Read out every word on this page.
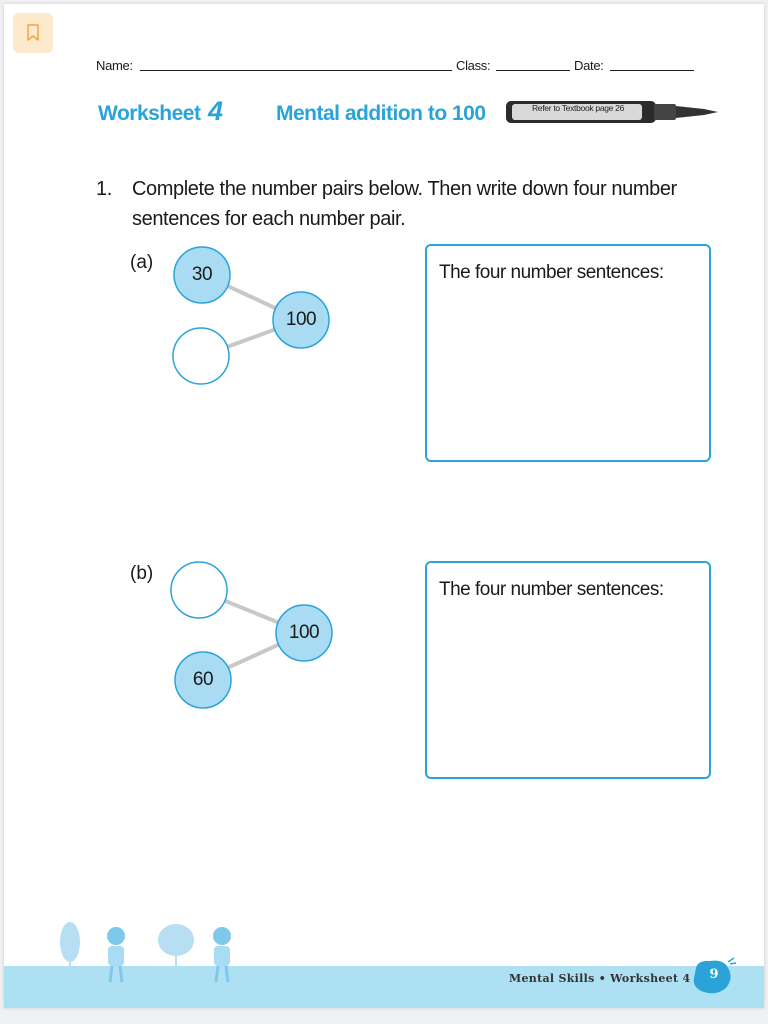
Name:	Class:	Date:
Worksheet 4	Mental addition to 100	Refer to Textbook page 26
1. Complete the number pairs below. Then write down four number sentences for each number pair.
(a)
30
100
The four number sentences:
(b)
60
100
The four number sentences:
Mental Skills • Worksheet 4	9
